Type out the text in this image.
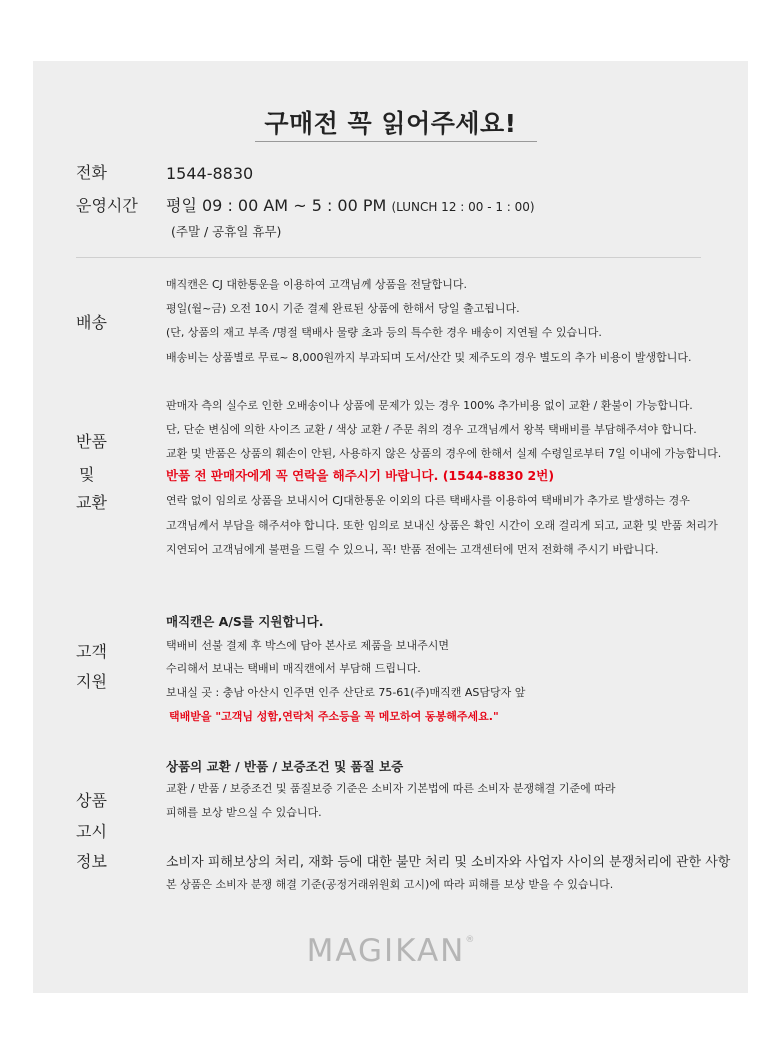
구매전 꼭 읽어주세요!
전화	1544-8830
운영시간 평일 09 : 00 AM ~ 5 : 00 PM (LUNCH 12 : 00 - 1 : 00)
(주말 / 공휴일 휴무)
배송
매직캔은 CJ 대한통운을 이용하여 고객님께 상품을 전달합니다.
평일(월~금) 오전 10시 기준 결제 완료된 상품에 한해서 당일 출고됩니다.
(단, 상품의 재고 부족 /명절 택배사 물량 초과 등의 특수한 경우 배송이 지연될 수 있습니다.
배송비는 상품별로 무료~ 8,000원까지 부과되며 도서/산간 및 제주도의 경우 별도의 추가 비용이 발생합니다.
반품
및
교환
판매자 측의 실수로 인한 오배송이나 상품에 문제가 있는 경우 100% 추가비용 없이 교환 / 환불이 가능합니다.
단, 단순 변심에 의한 사이즈 교환 / 색상 교환 / 주문 취의 경우 고객님께서 왕복 택배비를 부담해주셔야 합니다.
교환 및 반품은 상품의 훼손이 안된, 사용하지 않은 상품의 경우에 한해서 실제 수령일로부터 7일 이내에 가능합니다.
반품 전 판매자에게 꼭 연락을 해주시기 바랍니다. (1544-8830 2번)
연락 없이 임의로 상품을 보내시어 CJ대한통운 이외의 다른 택배사를 이용하여 택배비가 추가로 발생하는 경우
고객님께서 부담을 해주셔야 합니다. 또한 임의로 보내신 상품은 확인 시간이 오래 걸리게 되고, 교환 및 반품 처리가
지연되어 고객님에게 불편을 드릴 수 있으니, 꼭! 반품 전에는 고객센터에 먼저 전화해 주시기 바랍니다.
고객
지원
매직캔은 A/S를 지원합니다.
택배비 선불 결제 후 박스에 담아 본사로 제품을 보내주시면
수리해서 보내는 택배비 매직캔에서 부담해 드립니다.
보내실 곳 : 충남 아산시 인주면 인주 산단로 75-61(주)매직캔 AS담당자 앞
택배받을 "고객님 성함,연락처 주소등을 꼭 메모하여 동봉해주세요."
상품
고시
정보
상품의 교환 / 반품 / 보증조건 및 품질 보증
교환 / 반품 / 보증조건 및 품질보증 기준은 소비자 기본법에 따른 소비자 분쟁해결 기준에 따라
피해를 보상 받으실 수 있습니다.
소비자 피해보상의 처리, 재화 등에 대한 불만 처리 및 소비자와 사업자 사이의 분쟁처리에 관한 사항
본 상품은 소비자 분쟁 해결 기준(공정거래위원회 고시)에 따라 피해를 보상 받을 수 있습니다.
MAGIKAN®
